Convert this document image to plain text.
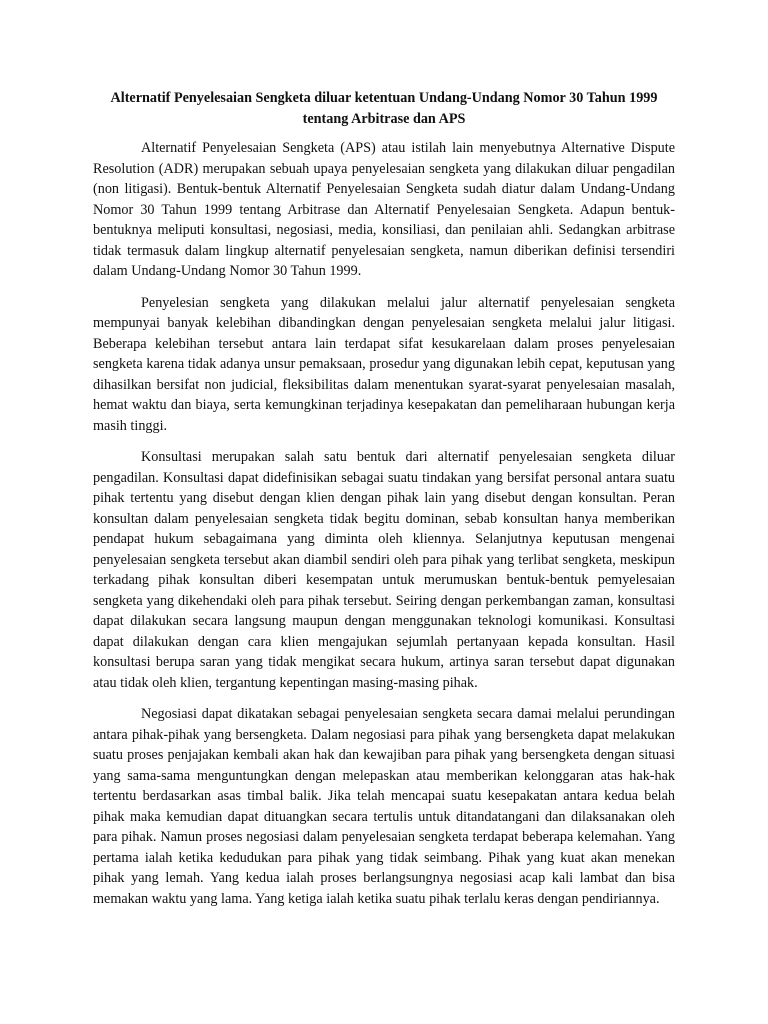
Alternatif Penyelesaian Sengketa diluar ketentuan Undang-Undang Nomor 30 Tahun 1999 tentang Arbitrase dan APS

Alternatif Penyelesaian Sengketa (APS) atau istilah lain menyebutnya Alternative Dispute Resolution (ADR) merupakan sebuah upaya penyelesaian sengketa yang dilakukan diluar pengadilan (non litigasi). Bentuk-bentuk Alternatif Penyelesaian Sengketa sudah diatur dalam Undang-Undang Nomor 30 Tahun 1999 tentang Arbitrase dan Alternatif Penyelesaian Sengketa. Adapun bentuk-bentuknya meliputi konsultasi, negosiasi, media, konsiliasi, dan penilaian ahli. Sedangkan arbitrase tidak termasuk dalam lingkup alternatif penyelesaian sengketa, namun diberikan definisi tersendiri dalam Undang-Undang Nomor 30 Tahun 1999.

Penyelesian sengketa yang dilakukan melalui jalur alternatif penyelesaian sengketa mempunyai banyak kelebihan dibandingkan dengan penyelesaian sengketa melalui jalur litigasi. Beberapa kelebihan tersebut antara lain terdapat sifat kesukarelaan dalam proses penyelesaian sengketa karena tidak adanya unsur pemaksaan, prosedur yang digunakan lebih cepat, keputusan yang dihasilkan bersifat non judicial, fleksibilitas dalam menentukan syarat-syarat penyelesaian masalah, hemat waktu dan biaya, serta kemungkinan terjadinya kesepakatan dan pemeliharaan hubungan kerja masih tinggi.

Konsultasi merupakan salah satu bentuk dari alternatif penyelesaian sengketa diluar pengadilan. Konsultasi dapat didefinisikan sebagai suatu tindakan yang bersifat personal antara suatu pihak tertentu yang disebut dengan klien dengan pihak lain yang disebut dengan konsultan. Peran konsultan dalam penyelesaian sengketa tidak begitu dominan, sebab konsultan hanya memberikan pendapat hukum sebagaimana yang diminta oleh kliennya. Selanjutnya keputusan mengenai penyelesaian sengketa tersebut akan diambil sendiri oleh para pihak yang terlibat sengketa, meskipun terkadang pihak konsultan diberi kesempatan untuk merumuskan bentuk-bentuk pemyelesaian sengketa yang dikehendaki oleh para pihak tersebut. Seiring dengan perkembangan zaman, konsultasi dapat dilakukan secara langsung maupun dengan menggunakan teknologi komunikasi. Konsultasi dapat dilakukan dengan cara klien mengajukan sejumlah pertanyaan kepada konsultan. Hasil konsultasi berupa saran yang tidak mengikat secara hukum, artinya saran tersebut dapat digunakan atau tidak oleh klien, tergantung kepentingan masing-masing pihak.

Negosiasi dapat dikatakan sebagai penyelesaian sengketa secara damai melalui perundingan antara pihak-pihak yang bersengketa. Dalam negosiasi para pihak yang bersengketa dapat melakukan suatu proses penjajakan kembali akan hak dan kewajiban para pihak yang bersengketa dengan situasi yang sama-sama menguntungkan dengan melepaskan atau memberikan kelonggaran atas hak-hak tertentu berdasarkan asas timbal balik. Jika telah mencapai suatu kesepakatan antara kedua belah pihak maka kemudian dapat dituangkan secara tertulis untuk ditandatangani dan dilaksanakan oleh para pihak. Namun proses negosiasi dalam penyelesaian sengketa terdapat beberapa kelemahan. Yang pertama ialah ketika kedudukan para pihak yang tidak seimbang. Pihak yang kuat akan menekan pihak yang lemah. Yang kedua ialah proses berlangsungnya negosiasi acap kali lambat dan bisa memakan waktu yang lama. Yang ketiga ialah ketika suatu pihak terlalu keras dengan pendiriannya.
